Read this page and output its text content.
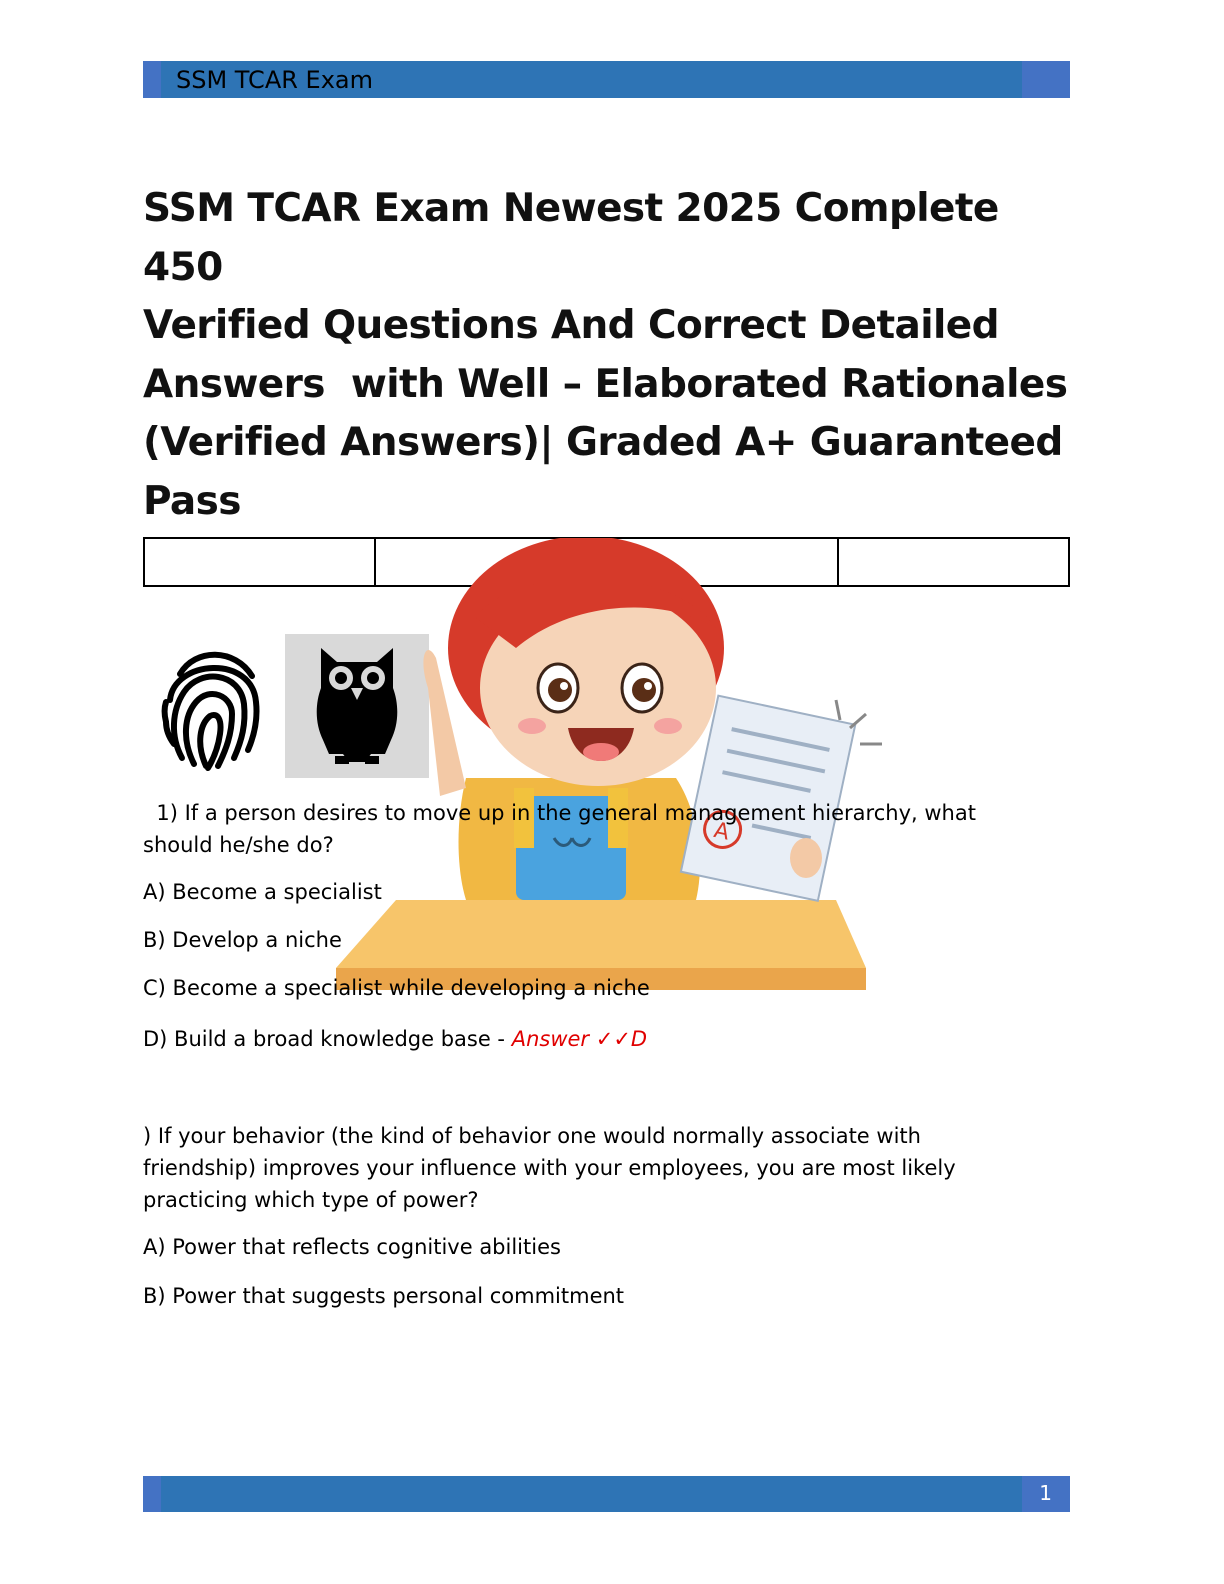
SSM TCAR Exam
SSM TCAR Exam Newest 2025 Complete 450
Verified Questions And Correct Detailed
Answers  with Well – Elaborated Rationales
(Verified Answers)| Graded A+ Guaranteed
Pass

A
1) If a person desires to move up in the general management hierarchy, what
should he/she do?
A) Become a specialist
B) Develop a niche
C) Become a specialist while developing a niche
D) Build a broad knowledge base - Answer ✓✓D
) If your behavior (the kind of behavior one would normally associate with
friendship) improves your influence with your employees, you are most likely
practicing which type of power?
A) Power that reflects cognitive abilities
B) Power that suggests personal commitment
1
